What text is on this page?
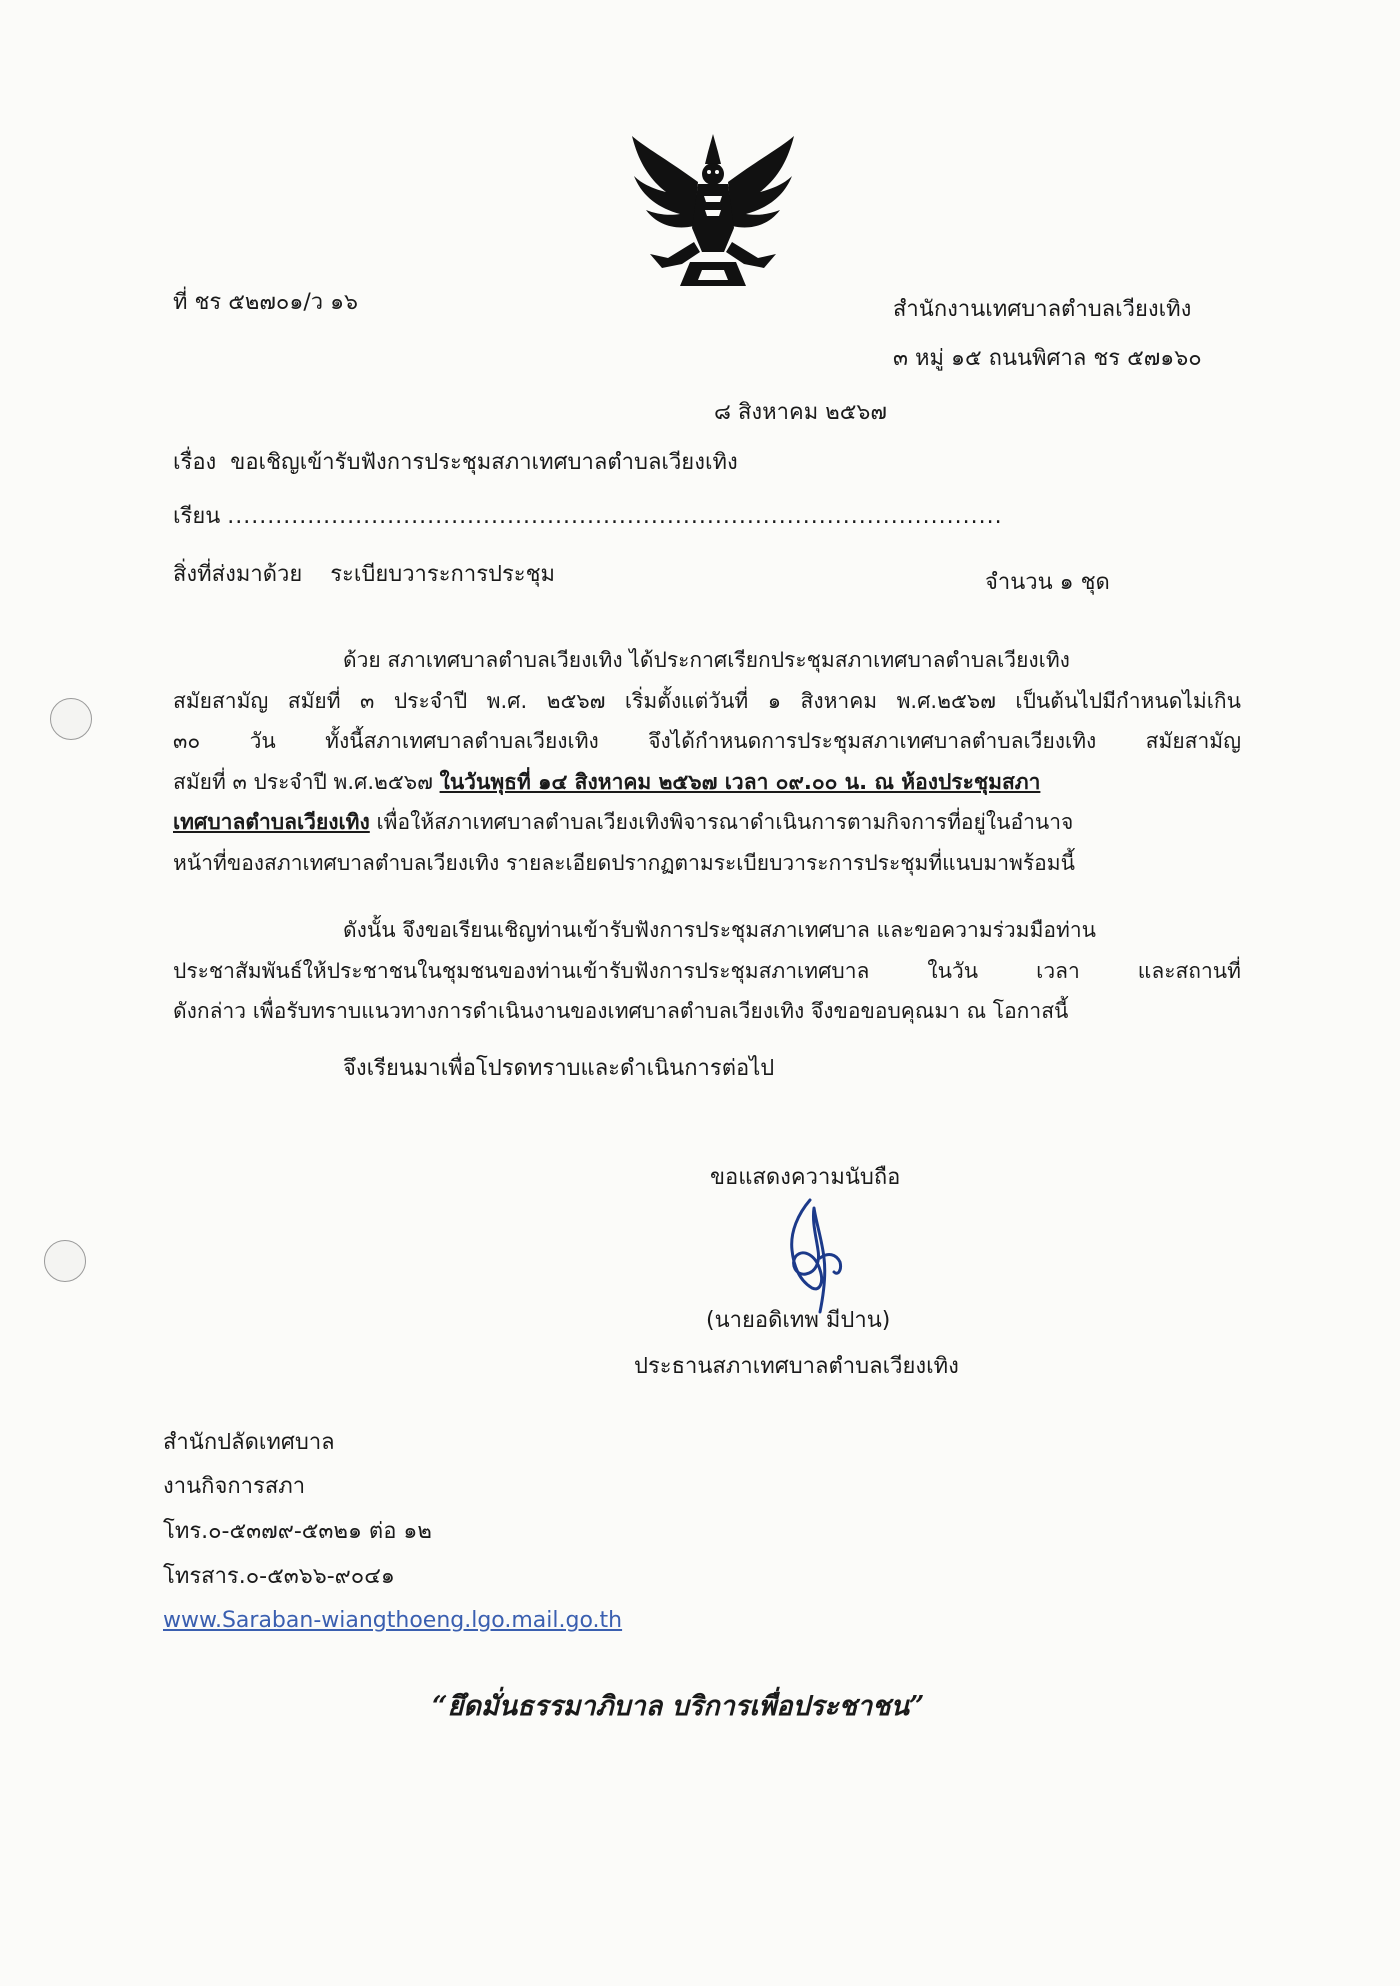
ที่ ชร ๕๒๗๐๑/ว ๑๖	สำนักงานเทศบาลตำบลเวียงเทิง
๓ หมู่ ๑๕ ถนนพิศาล ชร ๕๗๑๖๐
๘ สิงหาคม ๒๕๖๗
เรื่อง ขอเชิญเข้ารับฟังการประชุมสภาเทศบาลตำบลเวียงเทิง
เรียน .................................................................................................
สิ่งที่ส่งมาด้วย ระเบียบวาระการประชุม	จำนวน ๑ ชุด
ด้วย สภาเทศบาลตำบลเวียงเทิง ได้ประกาศเรียกประชุมสภาเทศบาลตำบลเวียงเทิง
สมัยสามัญ สมัยที่ ๓ ประจำปี พ.ศ. ๒๕๖๗ เริ่มตั้งแต่วันที่ ๑ สิงหาคม พ.ศ.๒๕๖๗ เป็นต้นไปมีกำหนดไม่เกิน
๓๐ วัน ทั้งนี้สภาเทศบาลตำบลเวียงเทิง จึงได้กำหนดการประชุมสภาเทศบาลตำบลเวียงเทิง สมัยสามัญ
สมัยที่ ๓ ประจำปี พ.ศ.๒๕๖๗ ในวันพุธที่ ๑๔ สิงหาคม ๒๕๖๗ เวลา ๐๙.๐๐ น. ณ ห้องประชุมสภา
เทศบาลตำบลเวียงเทิง เพื่อให้สภาเทศบาลตำบลเวียงเทิงพิจารณาดำเนินการตามกิจการที่อยู่ในอำนาจ
หน้าที่ของสภาเทศบาลตำบลเวียงเทิง รายละเอียดปรากฏตามระเบียบวาระการประชุมที่แนบมาพร้อมนี้
ดังนั้น จึงขอเรียนเชิญท่านเข้ารับฟังการประชุมสภาเทศบาล และขอความร่วมมือท่าน
ประชาสัมพันธ์ให้ประชาชนในชุมชนของท่านเข้ารับฟังการประชุมสภาเทศบาล ในวัน เวลา และสถานที่
ดังกล่าว เพื่อรับทราบแนวทางการดำเนินงานของเทศบาลตำบลเวียงเทิง จึงขอขอบคุณมา ณ โอกาสนี้
จึงเรียนมาเพื่อโปรดทราบและดำเนินการต่อไป
ขอแสดงความนับถือ
(นายอดิเทพ มีปาน)
ประธานสภาเทศบาลตำบลเวียงเทิง
สำนักปลัดเทศบาล
งานกิจการสภา
โทร.๐-๕๓๗๙-๕๓๒๑ ต่อ ๑๒
โทรสาร.๐-๕๓๖๖-๙๐๔๑
www.Saraban-wiangthoeng.lgo.mail.go.th
“ยึดมั่นธรรมาภิบาล บริการเพื่อประชาชน”
